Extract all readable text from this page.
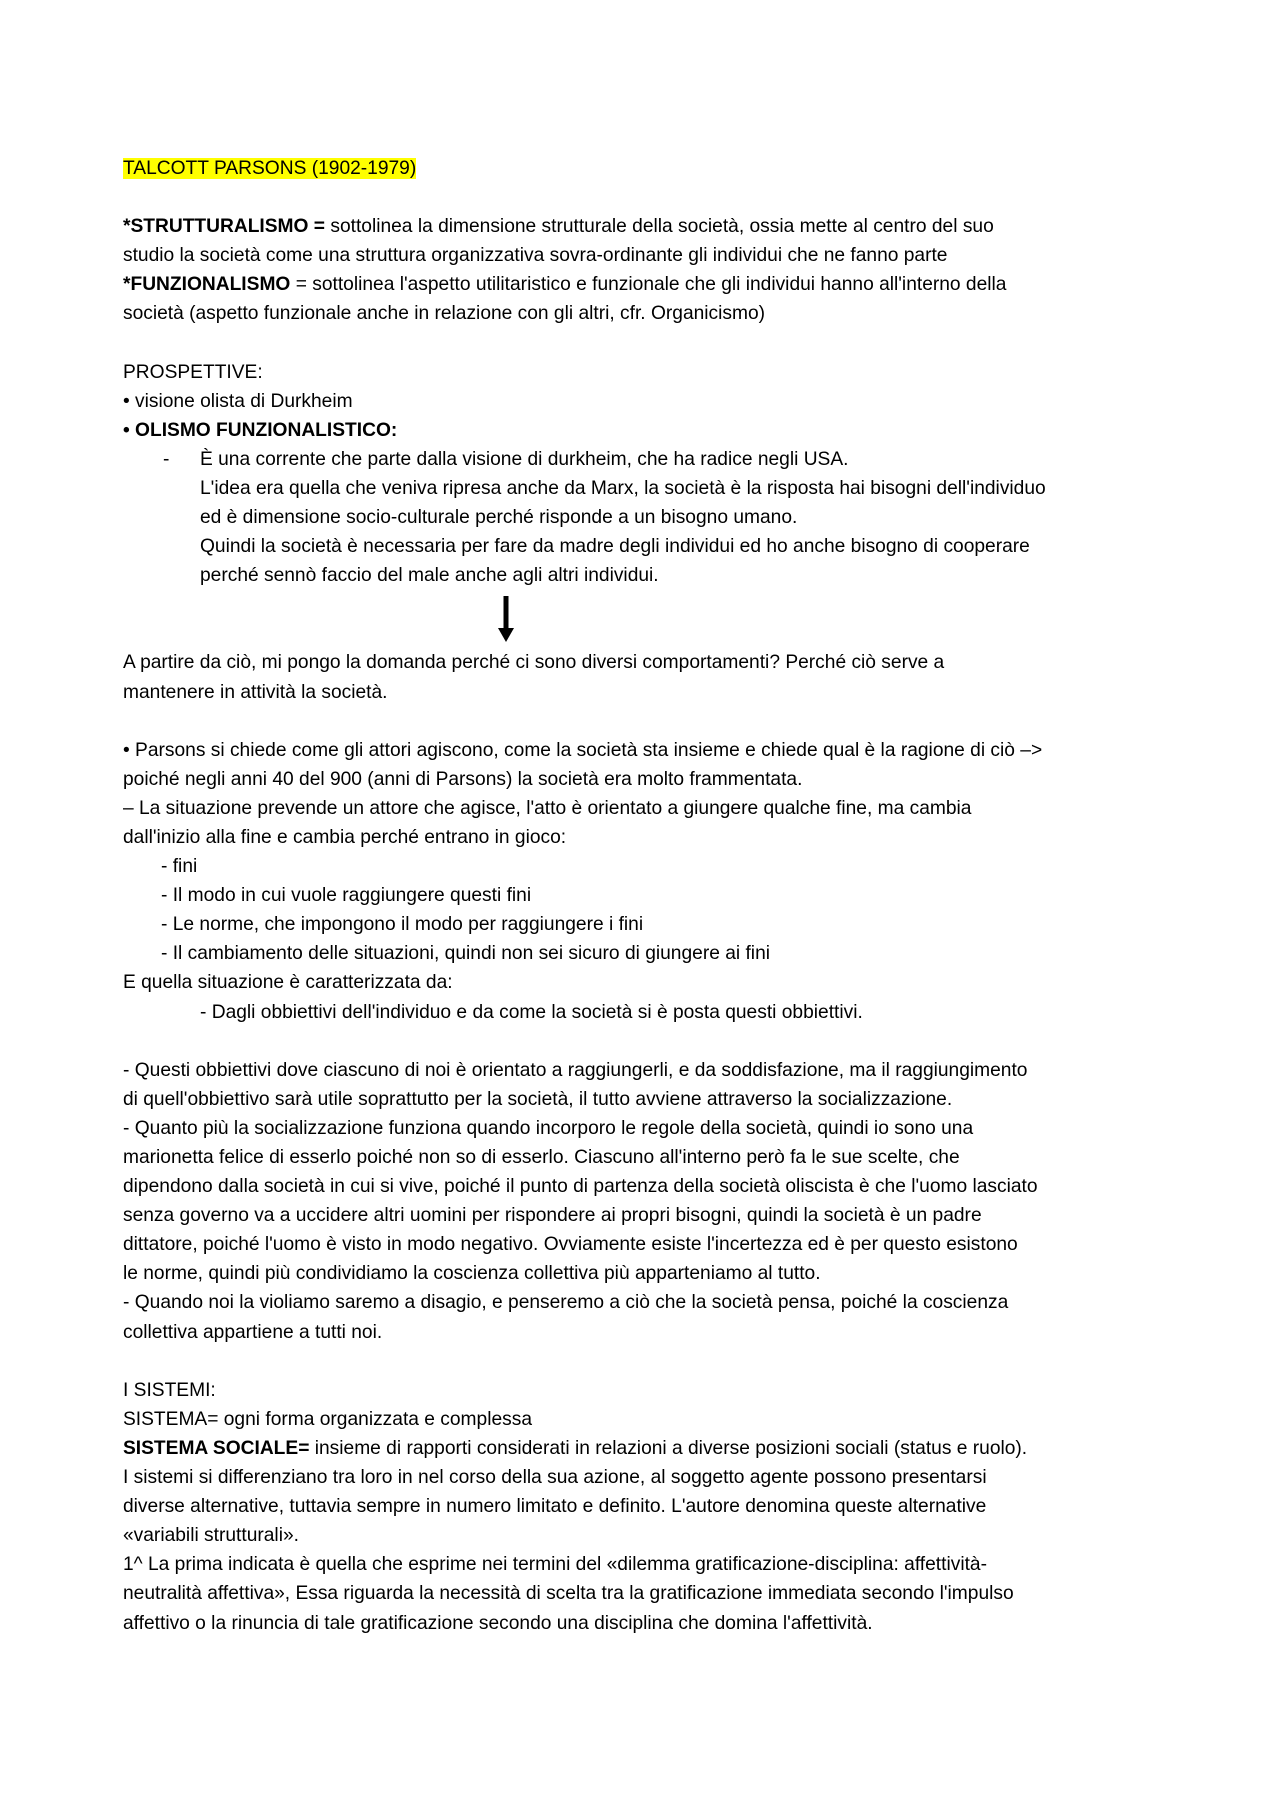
TALCOTT PARSONS (1902-1979)
*STRUTTURALISMO = sottolinea la dimensione strutturale della società, ossia mette al centro del suo
studio la società come una struttura organizzativa sovra-ordinante gli individui che ne fanno parte
*FUNZIONALISMO = sottolinea l'aspetto utilitaristico e funzionale che gli individui hanno all'interno della
società (aspetto funzionale anche in relazione con gli altri, cfr. Organicismo)
PROSPETTIVE:
• visione olista di Durkheim
• OLISMO FUNZIONALISTICO:
- È una corrente che parte dalla visione di durkheim, che ha radice negli USA.
L'idea era quella che veniva ripresa anche da Marx, la società è la risposta hai bisogni dell'individuo
ed è dimensione socio-culturale perché risponde a un bisogno umano.
Quindi la società è necessaria per fare da madre degli individui ed ho anche bisogno di cooperare
perché sennò faccio del male anche agli altri individui.
A partire da ciò, mi pongo la domanda perché ci sono diversi comportamenti? Perché ciò serve a
mantenere in attività la società.
• Parsons si chiede come gli attori agiscono, come la società sta insieme e chiede qual è la ragione di ciò –>
poiché negli anni 40 del 900 (anni di Parsons) la società era molto frammentata.
– La situazione prevende un attore che agisce, l'atto è orientato a giungere qualche fine, ma cambia
dall'inizio alla fine e cambia perché entrano in gioco:
- fini
- Il modo in cui vuole raggiungere questi fini
- Le norme, che impongono il modo per raggiungere i fini
- Il cambiamento delle situazioni, quindi non sei sicuro di giungere ai fini
E quella situazione è caratterizzata da:
- Dagli obbiettivi dell'individuo e da come la società si è posta questi obbiettivi.
- Questi obbiettivi dove ciascuno di noi è orientato a raggiungerli, e da soddisfazione, ma il raggiungimento
di quell'obbiettivo sarà utile soprattutto per la società, il tutto avviene attraverso la socializzazione.
- Quanto più la socializzazione funziona quando incorporo le regole della società, quindi io sono una
marionetta felice di esserlo poiché non so di esserlo. Ciascuno all'interno però fa le sue scelte, che
dipendono dalla società in cui si vive, poiché il punto di partenza della società oliscista è che l'uomo lasciato
senza governo va a uccidere altri uomini per rispondere ai propri bisogni, quindi la società è un padre
dittatore, poiché l'uomo è visto in modo negativo. Ovviamente esiste l'incertezza ed è per questo esistono
le norme, quindi più condividiamo la coscienza collettiva più apparteniamo al tutto.
- Quando noi la violiamo saremo a disagio, e penseremo a ciò che la società pensa, poiché la coscienza
collettiva appartiene a tutti noi.
I SISTEMI:
SISTEMA= ogni forma organizzata e complessa
SISTEMA SOCIALE= insieme di rapporti considerati in relazioni a diverse posizioni sociali (status e ruolo).
I sistemi si differenziano tra loro in nel corso della sua azione, al soggetto agente possono presentarsi
diverse alternative, tuttavia sempre in numero limitato e definito. L'autore denomina queste alternative
«variabili strutturali».
1^ La prima indicata è quella che esprime nei termini del «dilemma gratificazione-disciplina: affettività-
neutralità affettiva», Essa riguarda la necessità di scelta tra la gratificazione immediata secondo l'impulso
affettivo o la rinuncia di tale gratificazione secondo una disciplina che domina l'affettività.
